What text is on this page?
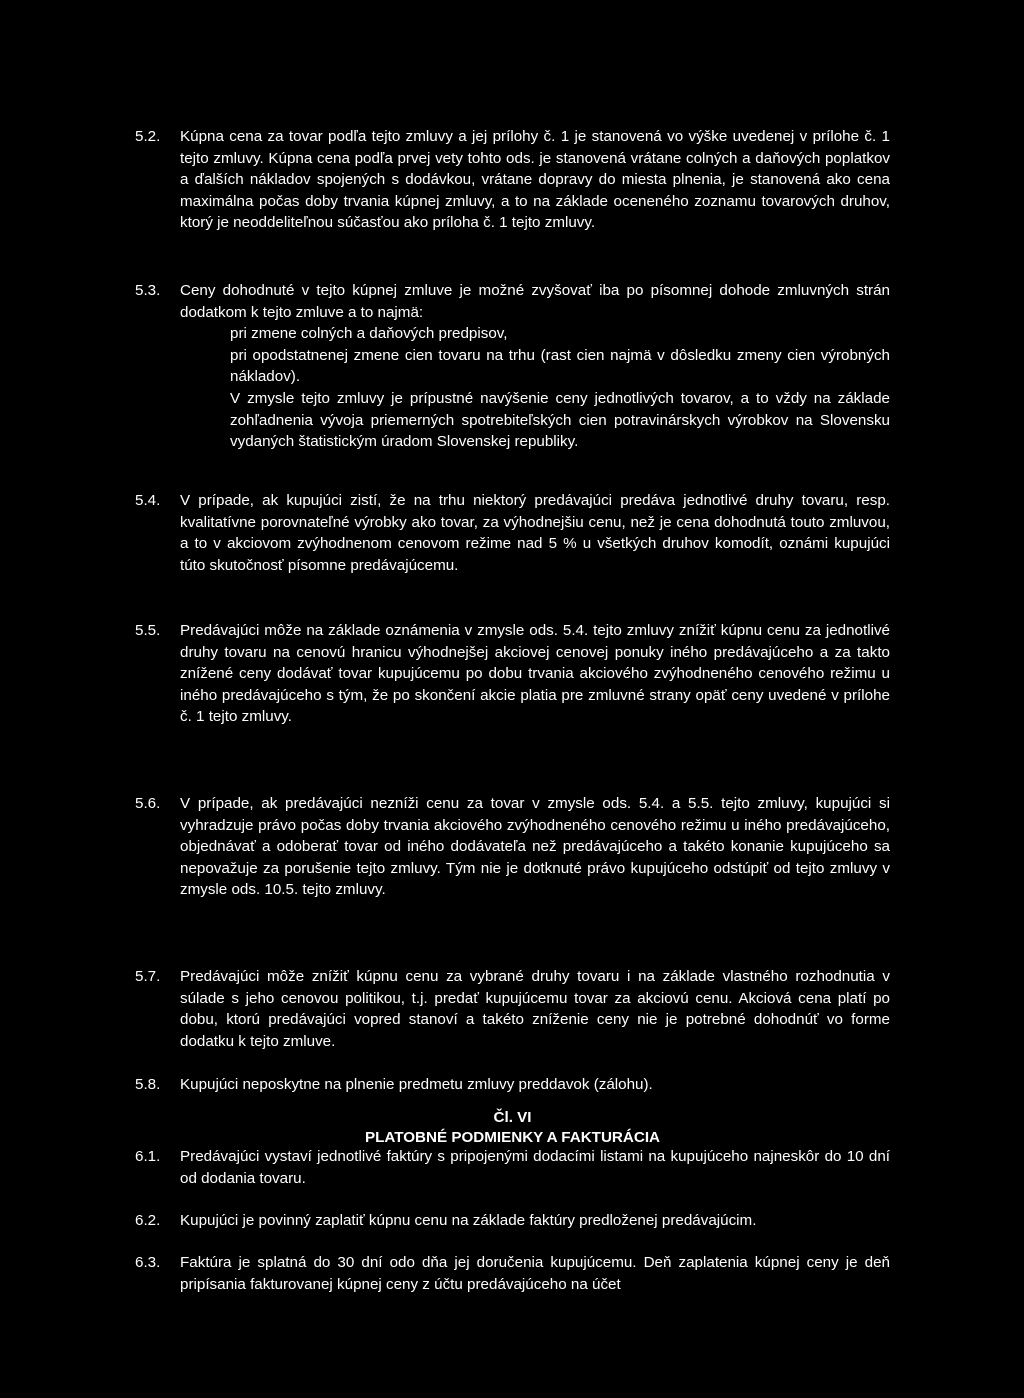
5.2.	Kúpna cena za tovar podľa tejto zmluvy a jej prílohy č. 1 je stanovená vo výške uvedenej v prílohe č. 1 tejto zmluvy. Kúpna cena podľa prvej vety tohto ods. je stanovená vrátane colných a daňových poplatkov a ďalších nákladov spojených s dodávkou, vrátane dopravy do miesta plnenia, je stanovená ako cena maximálna počas doby trvania kúpnej zmluvy, a to na základe oceneného zoznamu tovarových druhov, ktorý je neoddeliteľnou súčasťou ako príloha č. 1 tejto zmluvy.

5.3.	Ceny dohodnuté v tejto kúpnej zmluve je možné zvyšovať iba po písomnej dohode zmluvných strán dodatkom k tejto zmluve a to najmä:

pri zmene colných a daňových predpisov,

pri opodstatnenej zmene cien tovaru na trhu (rast cien najmä v dôsledku zmeny cien výrobných nákladov).

V zmysle tejto zmluvy je prípustné navýšenie ceny jednotlivých tovarov, a to vždy na základe zohľadnenia vývoja priemerných spotrebiteľských cien potravinárskych výrobkov na Slovensku vydaných štatistickým úradom Slovenskej republiky.

5.4.	V prípade, ak kupujúci zistí, že na trhu niektorý predávajúci predáva jednotlivé druhy tovaru, resp. kvalitatívne porovnateľné výrobky ako tovar, za výhodnejšiu cenu, než je cena dohodnutá touto zmluvou, a to v akciovom zvýhodnenom cenovom režime nad 5 % u všetkých druhov komodít, oznámi kupujúci túto skutočnosť písomne predávajúcemu.

5.5.	Predávajúci môže na základe oznámenia v zmysle ods. 5.4. tejto zmluvy znížiť kúpnu cenu za jednotlivé druhy tovaru na cenovú hranicu výhodnejšej akciovej cenovej ponuky iného predávajúceho a za takto znížené ceny dodávať tovar kupujúcemu po dobu trvania akciového zvýhodneného cenového režimu u iného predávajúceho s tým, že po skončení akcie platia pre zmluvné strany opäť ceny uvedené v prílohe č. 1 tejto zmluvy.

5.6.	V prípade, ak predávajúci nezníži cenu za tovar v zmysle ods. 5.4. a 5.5. tejto zmluvy, kupujúci si vyhradzuje právo počas doby trvania akciového zvýhodneného cenového režimu u iného predávajúceho, objednávať a odoberať tovar od iného dodávateľa než predávajúceho a takéto konanie kupujúceho sa nepovažuje za porušenie tejto zmluvy. Tým nie je dotknuté právo kupujúceho odstúpiť od tejto zmluvy v zmysle ods. 10.5. tejto zmluvy.

5.7.	Predávajúci môže znížiť kúpnu cenu za vybrané druhy tovaru i na základe vlastného rozhodnutia v súlade s jeho cenovou politikou, t.j. predať kupujúcemu tovar za akciovú cenu. Akciová cena platí po dobu, ktorú predávajúci vopred stanoví a takéto zníženie ceny nie je potrebné dohodnúť vo forme dodatku k tejto zmluve.

5.8.	Kupujúci neposkytne na plnenie predmetu zmluvy preddavok (zálohu).

Čl. VI
PLATOBNÉ PODMIENKY A FAKTURÁCIA
6.1.	Predávajúci vystaví jednotlivé faktúry s pripojenými dodacími listami na kupujúceho najneskôr do 10 dní od dodania tovaru.

6.2.	Kupujúci je povinný zaplatiť kúpnu cenu na základe faktúry predloženej predávajúcim.

6.3.	Faktúra je splatná do 30 dní odo dňa jej doručenia kupujúcemu. Deň zaplatenia kúpnej ceny je deň pripísania fakturovanej kúpnej ceny z účtu predávajúceho na účet
